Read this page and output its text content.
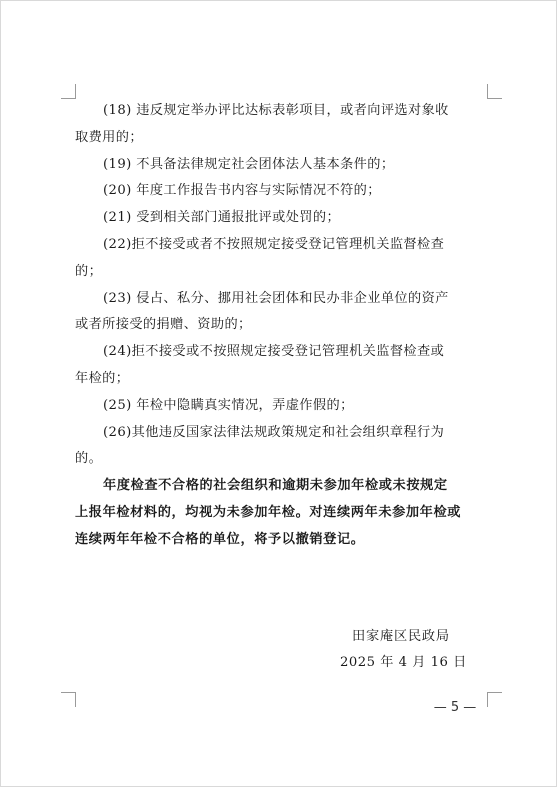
(18) 违反规定举办评比达标表彰项目，或者向评选对象收
取费用的；
(19) 不具备法律规定社会团体法人基本条件的；
(20) 年度工作报告书内容与实际情况不符的；
(21) 受到相关部门通报批评或处罚的；
(22)拒不接受或者不按照规定接受登记管理机关监督检查
的；
(23) 侵占、私分、挪用社会团体和民办非企业单位的资产
或者所接受的捐赠、资助的；
(24)拒不接受或不按照规定接受登记管理机关监督检查或
年检的；
(25) 年检中隐瞒真实情况，弄虚作假的；
(26)其他违反国家法律法规政策规定和社会组织章程行为
的。
年度检查不合格的社会组织和逾期未参加年检或未按规定
上报年检材料的，均视为未参加年检。对连续两年未参加年检或
连续两年年检不合格的单位，将予以撤销登记。
田家庵区民政局
2025 年 4 月 16 日
— 5 —
